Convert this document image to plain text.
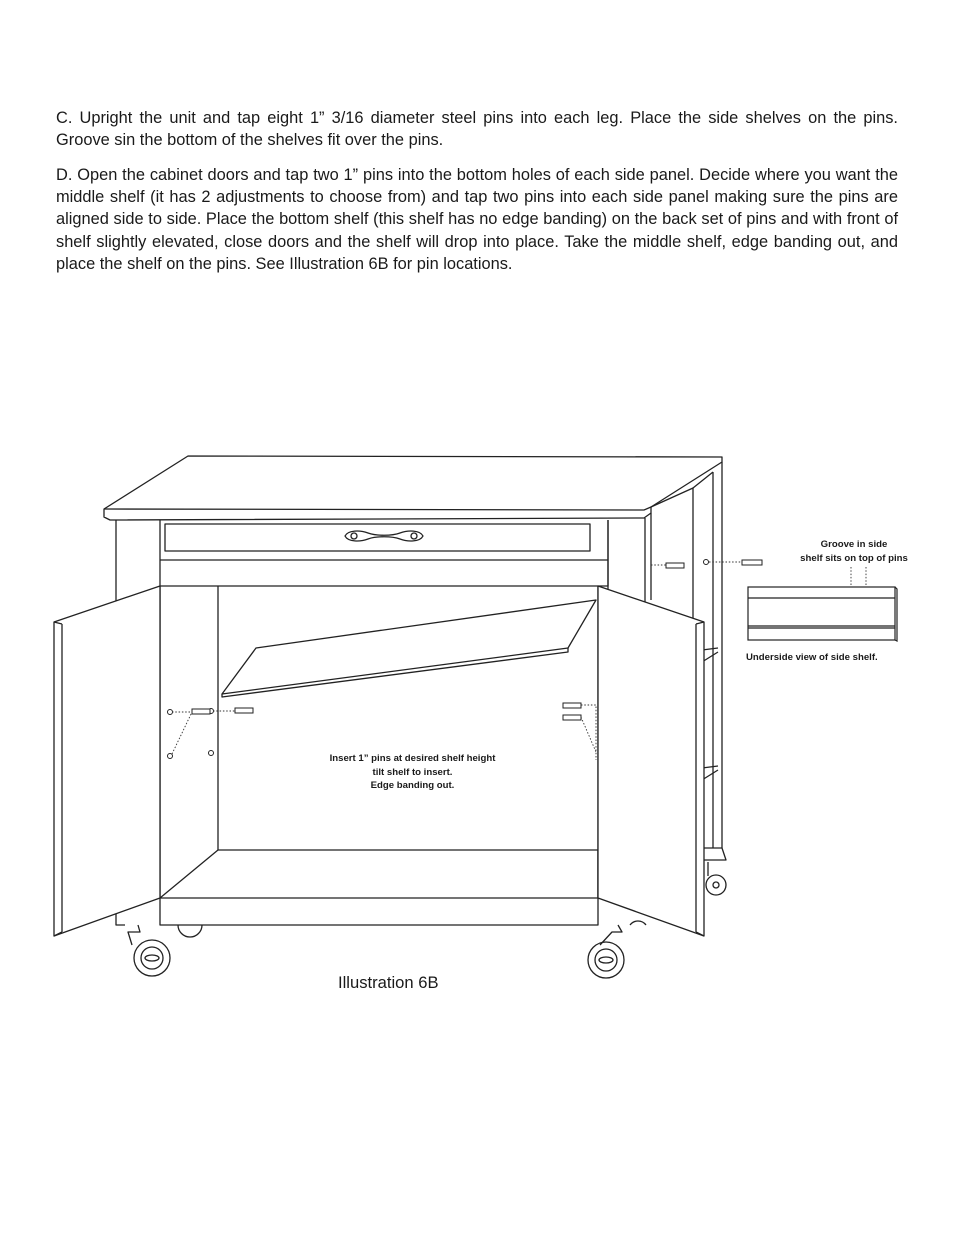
C. Upright the unit and tap eight 1” 3/16 diameter steel pins into each leg. Place the side shelves on the pins. Groove sin the bottom of the shelves fit over the pins.

D. Open the cabinet doors and tap two 1” pins into the bottom holes of each side panel. Decide where you want the middle shelf (it has 2 adjustments to choose from) and tap two pins into each side panel making sure the pins are aligned side to side. Place the bottom shelf (this shelf has no edge banding) on the back set of pins and with front of shelf slightly elevated, close doors and the shelf will drop into place. Take the middle shelf, edge banding out, and place the shelf on the pins. See Illustration 6B for pin locations.

Groove in side
shelf sits on top of pins
Underside view of side shelf.
Insert 1” pins at desired shelf height
tilt shelf to insert.
Edge banding out.
Illustration 6B
